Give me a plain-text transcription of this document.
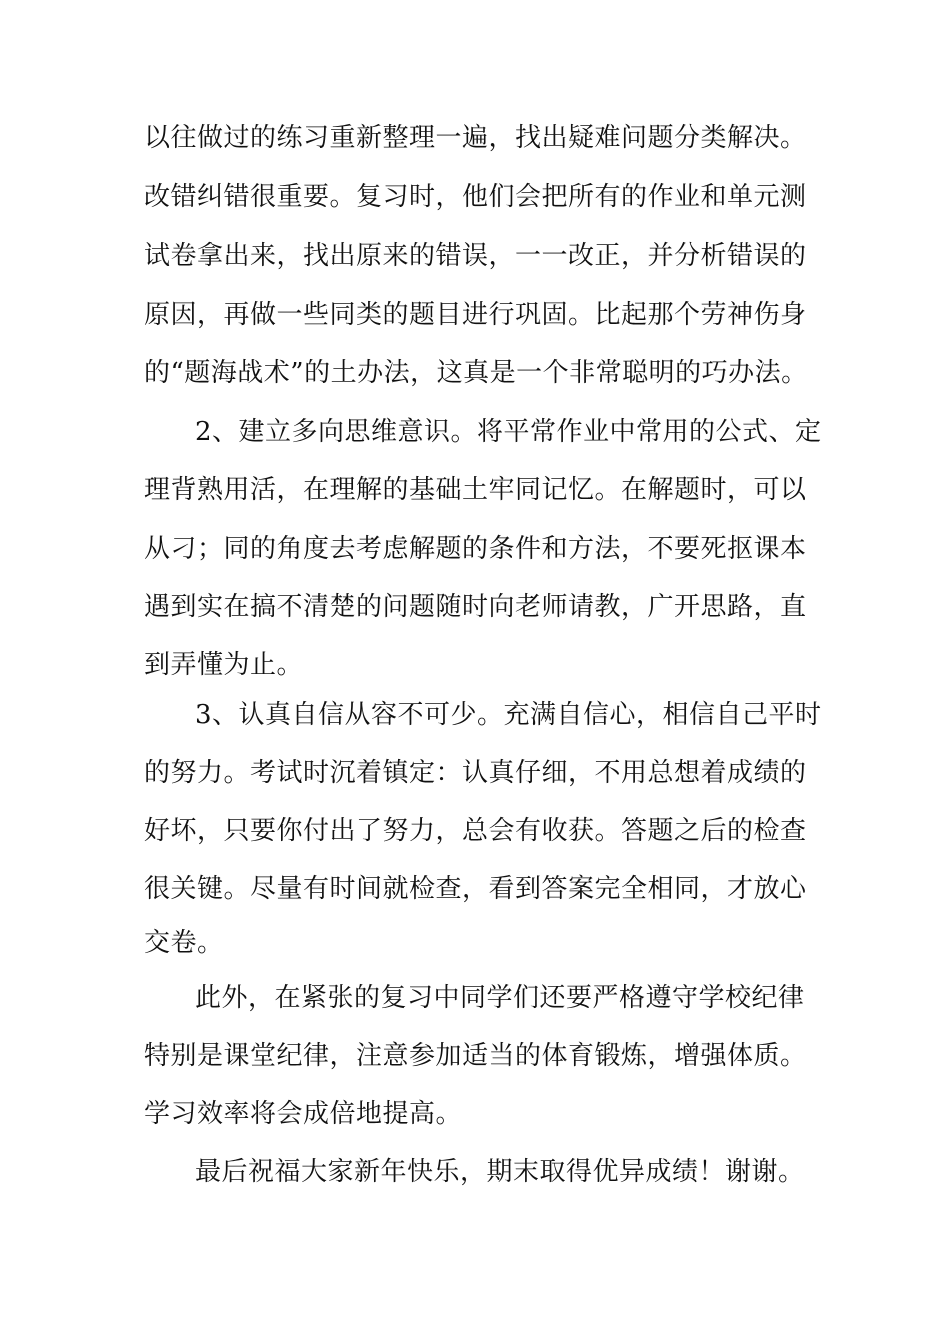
以往做过的练习重新整理一遍，找出疑难问题分类解决。
改错纠错很重要。复习时，他们会把所有的作业和单元测
试卷拿出来，找出原来的错误，一一改正，并分析错误的
原因，再做一些同类的题目进行巩固。比起那个劳神伤身
的“题海战术”的土办法，这真是一个非常聪明的巧办法。
2、建立多向思维意识。将平常作业中常用的公式、定
理背熟用活，在理解的基础土牢同记忆。在解题时，可以
从刁；同的角度去考虑解题的条件和方法，不要死抠课本
遇到实在搞不清楚的问题随时向老师请教，广开思路，直
到弄懂为止。
3、认真自信从容不可少。充满自信心，相信自己平时
的努力。考试时沉着镇定：认真仔细，不用总想着成绩的
好坏，只要你付出了努力，总会有收获。答题之后的检查
很关键。尽量有时间就检查，看到答案完全相同，才放心
交卷。
此外，在紧张的复习中同学们还要严格遵守学校纪律
特别是课堂纪律，注意参加适当的体育锻炼，增强体质。
学习效率将会成倍地提高。
最后祝福大家新年快乐，期末取得优异成绩！谢谢。
